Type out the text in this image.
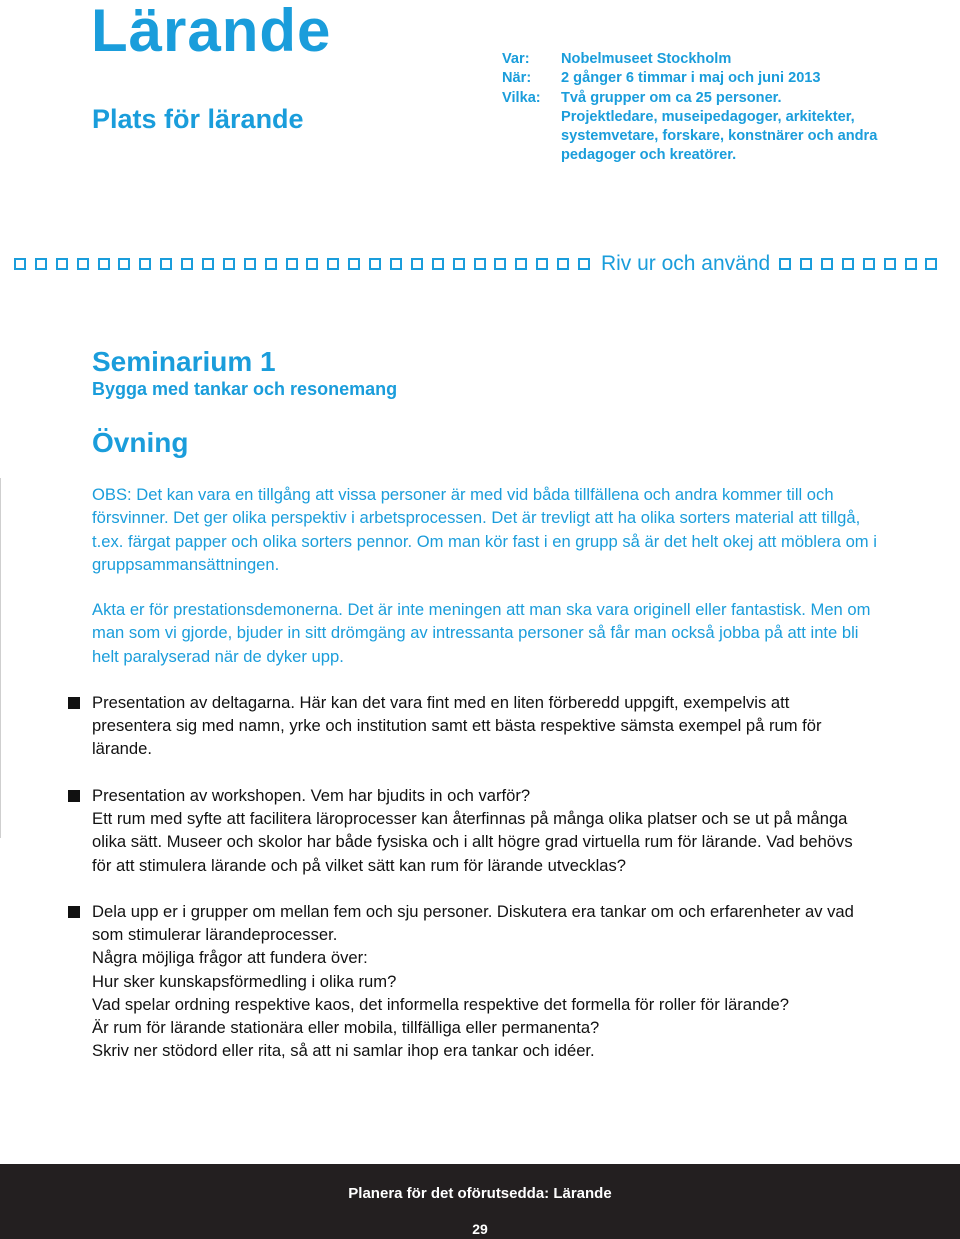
Lärande
Plats för lärande
Var:	Nobelmuseet Stockholm
När:	2 gånger 6 timmar i maj och juni 2013
Vilka:	Två grupper om ca 25 personer. Projektledare, museipedagoger, arkitekter, systemvetare, forskare, konstnärer och andra pedagoger och kreatörer.
Riv ur och använd
Seminarium 1
Bygga med tankar och resonemang
Övning

OBS: Det kan vara en tillgång att vissa personer är med vid båda tillfällena och andra kommer till och försvinner. Det ger olika perspektiv i arbetsprocessen. Det är trevligt att ha olika sorters material att tillgå, t.ex. färgat papper och olika sorters pennor. Om man kör fast i en grupp så är det helt okej att möblera om i gruppsammansättningen.

Akta er för prestationsdemonerna. Det är inte meningen att man ska vara originell eller fantastisk. Men om man som vi gjorde, bjuder in sitt drömgäng av intressanta personer så får man också jobba på att inte bli helt paralyserad när de dyker upp.

Presentation av deltagarna. Här kan det vara fint med en liten förberedd uppgift, exempelvis att presentera sig med namn, yrke och institution samt ett bästa respektive sämsta exempel på rum för lärande.
Presentation av workshopen. Vem har bjudits in och varför?
Ett rum med syfte att facilitera läroprocesser kan återfinnas på många olika platser och se ut på många olika sätt. Museer och skolor har både fysiska och i allt högre grad virtuella rum för lärande. Vad behövs för att stimulera lärande och på vilket sätt kan rum för lärande utvecklas?
Dela upp er i grupper om mellan fem och sju personer. Diskutera era tankar om och erfarenheter av vad som stimulerar lärandeprocesser.
Några möjliga frågor att fundera över:
Hur sker kunskapsförmedling i olika rum?
Vad spelar ordning respektive kaos, det informella respektive det formella för roller för lärande?
Är rum för lärande stationära eller mobila, tillfälliga eller permanenta?
Skriv ner stödord eller rita, så att ni samlar ihop era tankar och idéer.
Planera för det oförutsedda: Lärande
29
